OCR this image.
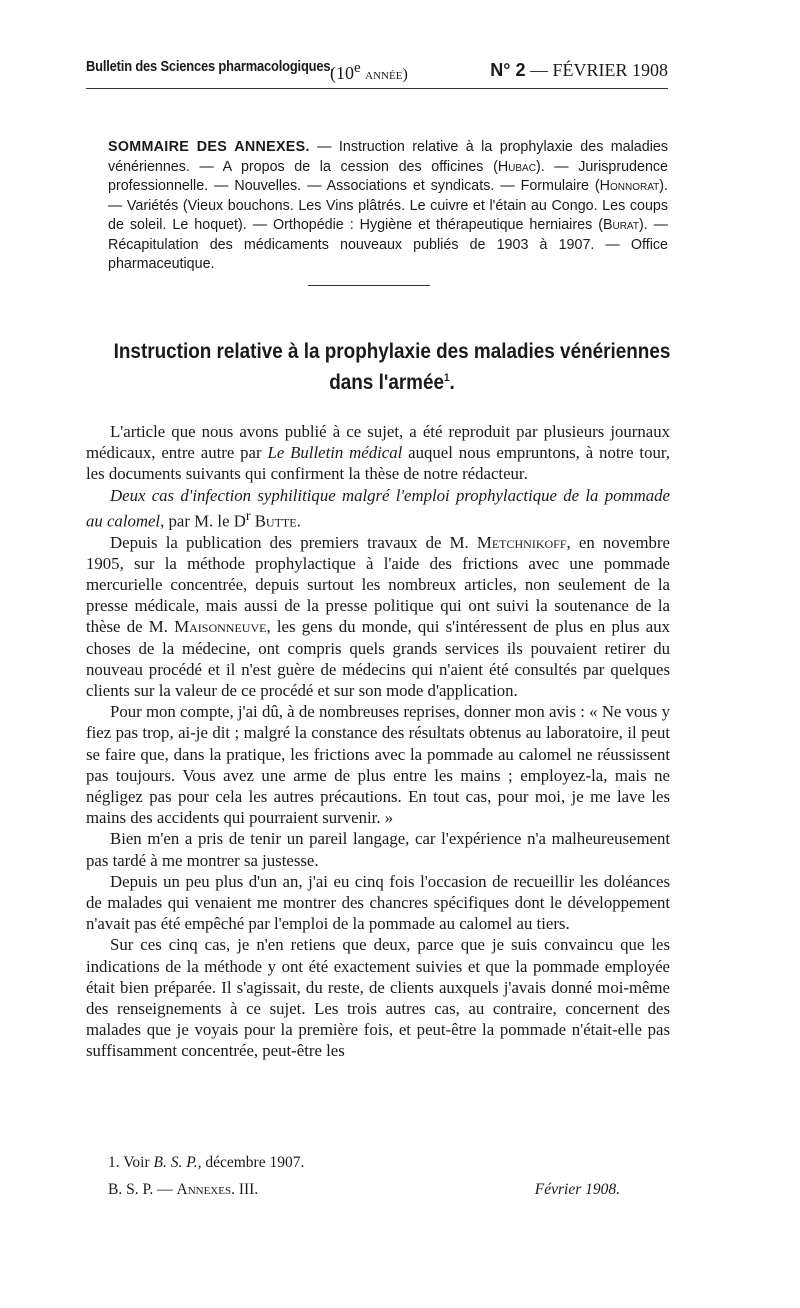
Bulletin des Sciences pharmacologiques.
(10e année)	N° 2 — FÉVRIER 1908
SOMMAIRE DES ANNEXES. — Instruction relative à la prophylaxie des maladies vénériennes. — A propos de la cession des officines (Hubac). — Jurisprudence professionnelle. — Nouvelles. — Associations et syndicats. — Formulaire (Honnorat). — Variétés (Vieux bouchons. Les Vins plâtrés. Le cuivre et l'étain au Congo. Les coups de soleil. Le hoquet). — Orthopédie : Hygiène et thérapeutique herniaires (Burat). — Récapitulation des médicaments nouveaux publiés de 1903 à 1907. — Office pharmaceutique.
Instruction relative à la prophylaxie des maladies vénériennes
dans l'armée$^1$.

L'article que nous avons publié à ce sujet, a été reproduit par plusieurs journaux médicaux, entre autre par Le Bulletin médical auquel nous empruntons, à notre tour, les documents suivants qui confirment la thèse de notre rédacteur.

Deux cas d'infection syphilitique malgré l'emploi prophylactique de la pommade au calomel, par M. le $D^r$ Butte.

Depuis la publication des premiers travaux de M. Metchnikoff, en novembre 1905, sur la méthode prophylactique à l'aide des frictions avec une pommade mercurielle concentrée, depuis surtout les nombreux articles, non seulement de la presse médicale, mais aussi de la presse politique qui ont suivi la soutenance de la thèse de M. Maisonneuve, les gens du monde, qui s'intéressent de plus en plus aux choses de la médecine, ont compris quels grands services ils pouvaient retirer du nouveau procédé et il n'est guère de médecins qui n'aient été consultés par quelques clients sur la valeur de ce procédé et sur son mode d'application.

Pour mon compte, j'ai dû, à de nombreuses reprises, donner mon avis : « Ne vous y fiez pas trop, ai-je dit ; malgré la constance des résultats obtenus au laboratoire, il peut se faire que, dans la pratique, les frictions avec la pommade au calomel ne réussissent pas toujours. Vous avez une arme de plus entre les mains ; employez-la, mais ne négligez pas pour cela les autres précautions. En tout cas, pour moi, je me lave les mains des accidents qui pourraient survenir. »

Bien m'en a pris de tenir un pareil langage, car l'expérience n'a malheureusement pas tardé à me montrer sa justesse.

Depuis un peu plus d'un an, j'ai eu cinq fois l'occasion de recueillir les doléances de malades qui venaient me montrer des chancres spécifiques dont le développement n'avait pas été empêché par l'emploi de la pommade au calomel au tiers.

Sur ces cinq cas, je n'en retiens que deux, parce que je suis convaincu que les indications de la méthode y ont été exactement suivies et que la pommade employée était bien préparée. Il s'agissait, du reste, de clients auxquels j'avais donné moi-même des renseignements à ce sujet. Les trois autres cas, au contraire, concernent des malades que je voyais pour la première fois, et peut-être la pommade n'était-elle pas suffisamment concentrée, peut-être les

1. Voir B. S. P., décembre 1907.
B. S. P. — Annexes. III.	Février 1908.
